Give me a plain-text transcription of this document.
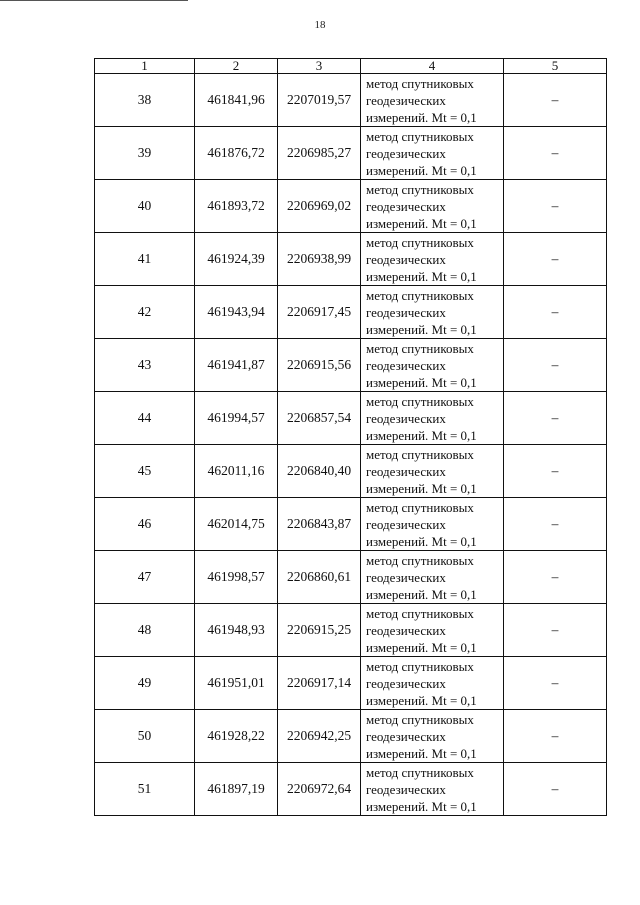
18
1	2	3	4	5
38	461841,96	2207019,57	метод спутниковых
геодезических
измерений. Mt = 0,1	–
39	461876,72	2206985,27	метод спутниковых
геодезических
измерений. Mt = 0,1	–
40	461893,72	2206969,02	метод спутниковых
геодезических
измерений. Mt = 0,1	–
41	461924,39	2206938,99	метод спутниковых
геодезических
измерений. Mt = 0,1	–
42	461943,94	2206917,45	метод спутниковых
геодезических
измерений. Mt = 0,1	–
43	461941,87	2206915,56	метод спутниковых
геодезических
измерений. Mt = 0,1	–
44	461994,57	2206857,54	метод спутниковых
геодезических
измерений. Mt = 0,1	–
45	462011,16	2206840,40	метод спутниковых
геодезических
измерений. Mt = 0,1	–
46	462014,75	2206843,87	метод спутниковых
геодезических
измерений. Mt = 0,1	–
47	461998,57	2206860,61	метод спутниковых
геодезических
измерений. Mt = 0,1	–
48	461948,93	2206915,25	метод спутниковых
геодезических
измерений. Mt = 0,1	–
49	461951,01	2206917,14	метод спутниковых
геодезических
измерений. Mt = 0,1	–
50	461928,22	2206942,25	метод спутниковых
геодезических
измерений. Mt = 0,1	–
51	461897,19	2206972,64	метод спутниковых
геодезических
измерений. Mt = 0,1	–
